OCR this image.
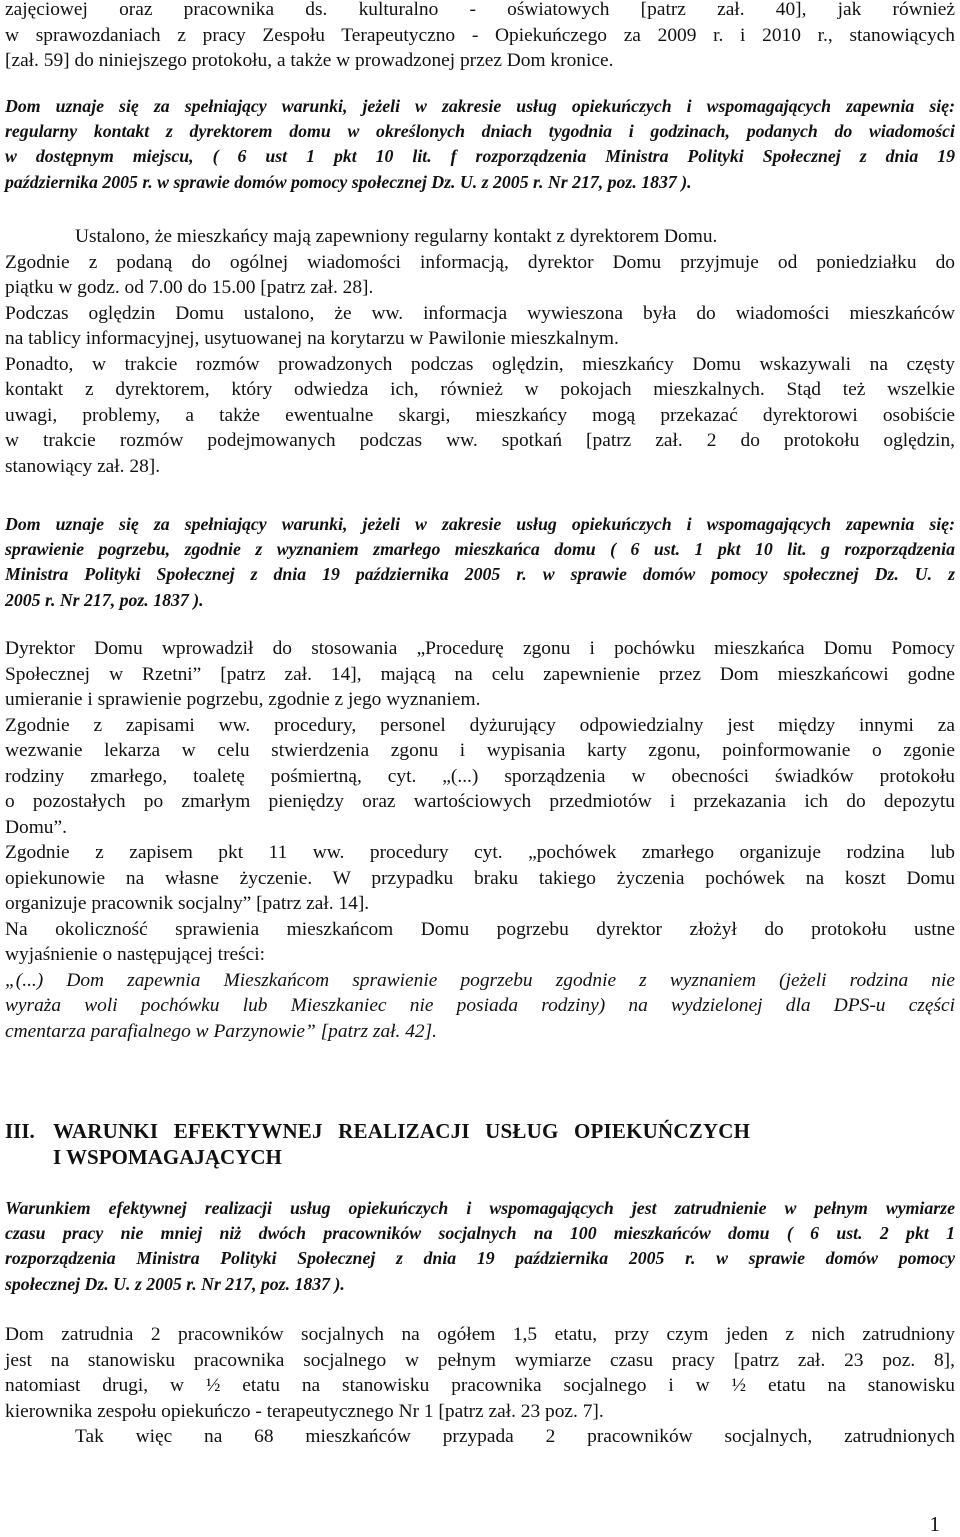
zajęciowej oraz pracownika ds. kulturalno - oświatowych [patrz zał. 40], jak również
w sprawozdaniach z pracy Zespołu Terapeutyczno - Opiekuńczego za 2009 r. i 2010 r., stanowiących
[zał. 59] do niniejszego protokołu, a także w prowadzonej przez Dom kronice.
Dom uznaje się za spełniający warunki, jeżeli w zakresie usług opiekuńczych i wspomagających zapewnia się:
regularny kontakt z dyrektorem domu w określonych dniach tygodnia i godzinach, podanych do wiadomości
w dostępnym miejscu, ( 6 ust 1 pkt 10 lit. f rozporządzenia Ministra Polityki Społecznej z dnia 19
października 2005 r. w sprawie domów pomocy społecznej Dz. U. z 2005 r. Nr 217, poz. 1837 ).
Ustalono, że mieszkańcy mają zapewniony regularny kontakt z dyrektorem Domu.
Zgodnie z podaną do ogólnej wiadomości informacją, dyrektor Domu przyjmuje od poniedziałku do
piątku w godz. od 7.00 do 15.00 [patrz zał. 28].
Podczas oględzin Domu ustalono, że ww. informacja wywieszona była do wiadomości mieszkańców
na tablicy informacyjnej, usytuowanej na korytarzu w Pawilonie mieszkalnym.
Ponadto, w trakcie rozmów prowadzonych podczas oględzin, mieszkańcy Domu wskazywali na częsty
kontakt z dyrektorem, który odwiedza ich, również w pokojach mieszkalnych. Stąd też wszelkie
uwagi, problemy, a także ewentualne skargi, mieszkańcy mogą przekazać dyrektorowi osobiście
w trakcie rozmów podejmowanych podczas ww. spotkań [patrz zał. 2 do protokołu oględzin,
stanowiący zał. 28].
Dom uznaje się za spełniający warunki, jeżeli w zakresie usług opiekuńczych i wspomagających zapewnia się:
sprawienie pogrzebu, zgodnie z wyznaniem zmarłego mieszkańca domu ( 6 ust. 1 pkt 10 lit. g rozporządzenia
Ministra Polityki Społecznej z dnia 19 października 2005 r. w sprawie domów pomocy społecznej Dz. U. z
2005 r. Nr 217, poz. 1837 ).
Dyrektor Domu wprowadził do stosowania „Procedurę zgonu i pochówku mieszkańca Domu Pomocy
Społecznej w Rzetni” [patrz zał. 14], mającą na celu zapewnienie przez Dom mieszkańcowi godne
umieranie i sprawienie pogrzebu, zgodnie z jego wyznaniem.
Zgodnie z zapisami ww. procedury, personel dyżurujący odpowiedzialny jest między innymi za
wezwanie lekarza w celu stwierdzenia zgonu i wypisania karty zgonu, poinformowanie o zgonie
rodziny zmarłego, toaletę pośmiertną, cyt. „(...) sporządzenia w obecności świadków protokołu
o pozostałych po zmarłym pieniędzy oraz wartościowych przedmiotów i przekazania ich do depozytu
Domu”.
Zgodnie z zapisem pkt 11 ww. procedury cyt. „pochówek zmarłego organizuje rodzina lub
opiekunowie na własne życzenie. W przypadku braku takiego życzenia pochówek na koszt Domu
organizuje pracownik socjalny” [patrz zał. 14].
Na okoliczność sprawienia mieszkańcom Domu pogrzebu dyrektor złożył do protokołu ustne
wyjaśnienie o następującej treści:
„(...) Dom zapewnia Mieszkańcom sprawienie pogrzebu zgodnie z wyznaniem (jeżeli rodzina nie
wyraża woli pochówku lub Mieszkaniec nie posiada rodziny) na wydzielonej dla DPS-u części
cmentarza parafialnego w Parzynowie” [patrz zał. 42].
III. WARUNKI EFEKTYWNEJ REALIZACJI USŁUG OPIEKUŃCZYCH
I WSPOMAGAJĄCYCH
Warunkiem efektywnej realizacji usług opiekuńczych i wspomagających jest zatrudnienie w pełnym wymiarze
czasu pracy nie mniej niż dwóch pracowników socjalnych na 100 mieszkańców domu ( 6 ust. 2 pkt 1
rozporządzenia Ministra Polityki Społecznej z dnia 19 października 2005 r. w sprawie domów pomocy
społecznej Dz. U. z 2005 r. Nr 217, poz. 1837 ).
Dom zatrudnia 2 pracowników socjalnych na ogółem 1,5 etatu, przy czym jeden z nich zatrudniony
jest na stanowisku pracownika socjalnego w pełnym wymiarze czasu pracy [patrz zał. 23 poz. 8],
natomiast drugi, w ½ etatu na stanowisku pracownika socjalnego i w ½ etatu na stanowisku
kierownika zespołu opiekuńczo - terapeutycznego Nr 1 [patrz zał. 23 poz. 7].
Tak więc na 68 mieszkańców przypada 2 pracowników socjalnych, zatrudnionych
1
